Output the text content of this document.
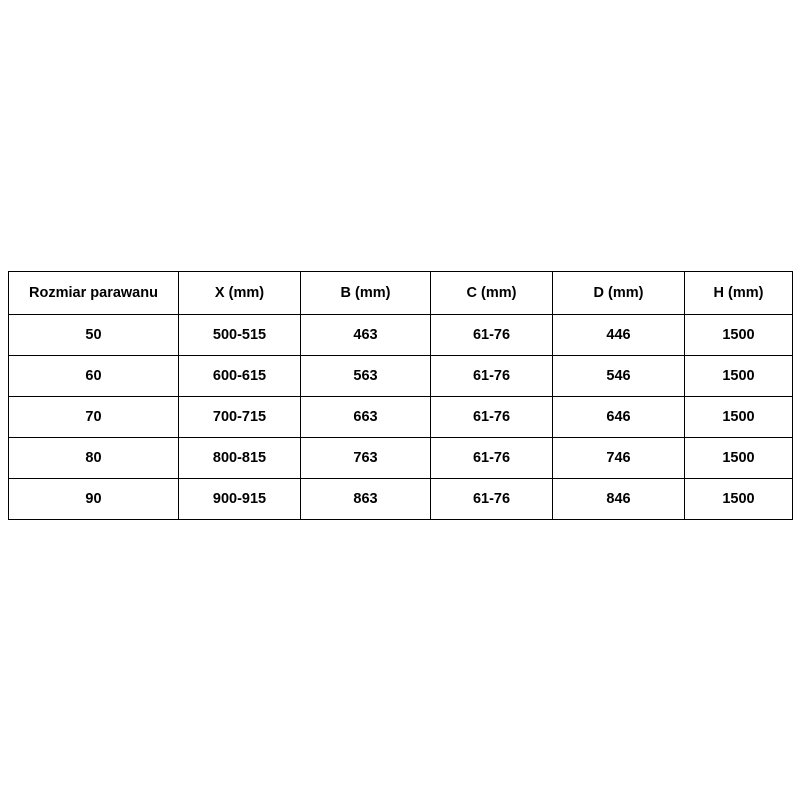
Rozmiar parawanu	X (mm)	B (mm)	C (mm)	D (mm)	H (mm)
50	500-515	463	61-76	446	1500
60	600-615	563	61-76	546	1500
70	700-715	663	61-76	646	1500
80	800-815	763	61-76	746	1500
90	900-915	863	61-76	846	1500
